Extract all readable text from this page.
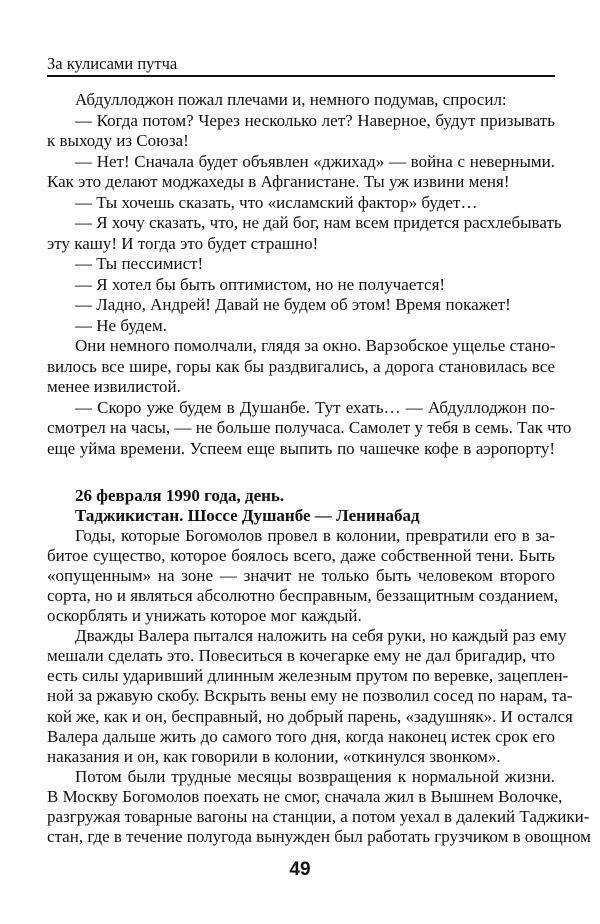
За кулисами путча
Абдуллоджон пожал плечами и, немного подумав, спросил:
— Когда потом? Через несколько лет? Наверное, будут призывать
к выходу из Союза!
— Нет! Сначала будет объявлен «джихад» — война с неверными.
Как это делают моджахеды в Афганистане. Ты уж извини меня!
— Ты хочешь сказать, что «исламский фактор» будет…
— Я хочу сказать, что, не дай бог, нам всем придется расхлебывать
эту кашу! И тогда это будет страшно!
— Ты пессимист!
— Я хотел бы быть оптимистом, но не получается!
— Ладно, Андрей! Давай не будем об этом! Время покажет!
— Не будем.
Они немного помолчали, глядя за окно. Варзобское ущелье стано-
вилось все шире, горы как бы раздвигались, а дорога становилась все
менее извилистой.
— Скоро уже будем в Душанбе. Тут ехать… — Абдуллоджон по-
смотрел на часы, — не больше получаса. Самолет у тебя в семь. Так что
еще уйма времени. Успеем еще выпить по чашечке кофе в аэропорту!
26 февраля 1990 года, день.
Таджикистан. Шоссе Душанбе — Ленинабад
Годы, которые Богомолов провел в колонии, превратили его в за-
битое существо, которое боялось всего, даже собственной тени. Быть
«опущенным» на зоне — значит не только быть человеком второго
сорта, но и являться абсолютно бесправным, беззащитным созданием,
оскорблять и унижать которое мог каждый.
Дважды Валера пытался наложить на себя руки, но каждый раз ему
мешали сделать это. Повеситься в кочегарке ему не дал бригадир, что
есть силы ударивший длинным железным прутом по веревке, зацеплен-
ной за ржавую скобу. Вскрыть вены ему не позволил сосед по нарам, та-
кой же, как и он, бесправный, но добрый парень, «задушняк». И остался
Валера дальше жить до самого того дня, когда наконец истек срок его
наказания и он, как говорили в колонии, «откинулся звонком».
Потом были трудные месяцы возвращения к нормальной жизни.
В Москву Богомолов поехать не смог, сначала жил в Вышнем Волочке,
разгружая товарные вагоны на станции, а потом уехал в далекий Таджики-
стан, где в течение полугода вынужден был работать грузчиком в овощном
49
